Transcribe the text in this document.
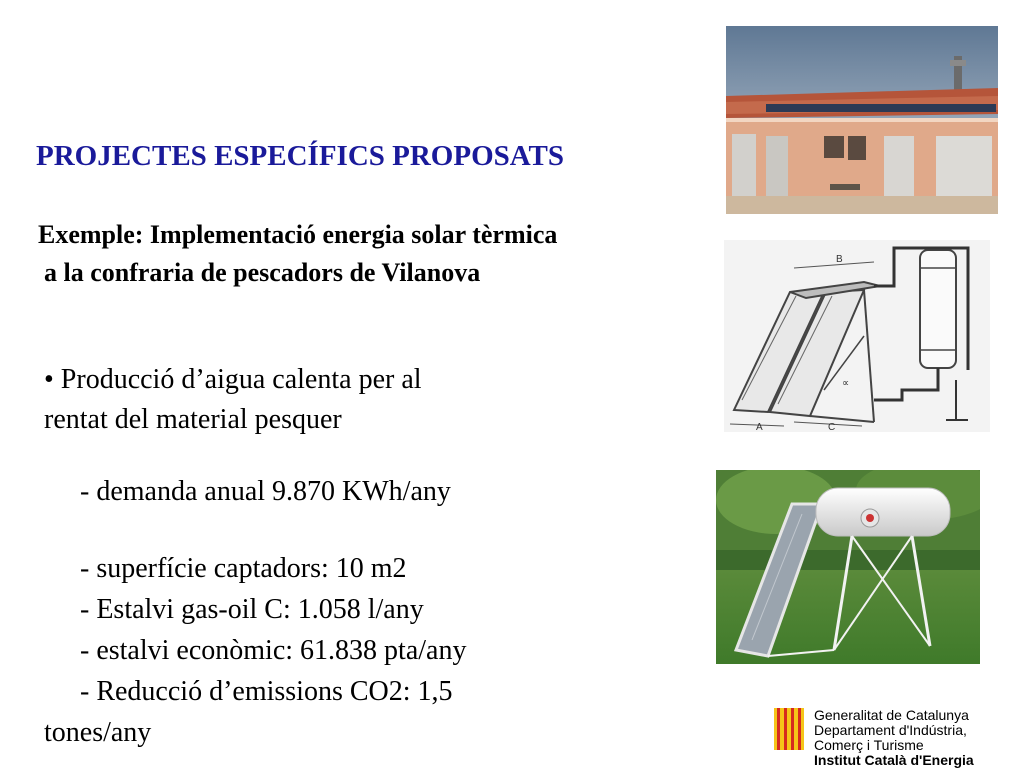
PROJECTES ESPECÍFICS PROPOSATS
Exemple: Implementació energia solar tèrmica
a la confraria de pescadors de Vilanova
• Producció d’aigua calenta per al
rentat del material pesquer
- demanda anual 9.870 KWh/any
- superfície captadors: 10 m2
- Estalvi gas-oil C: 1.058 l/any
- estalvi econòmic: 61.838 pta/any
- Reducció d’emissions CO2: 1,5
tones/any
B
A	C
∝
Generalitat de Catalunya
Departament d'Indústria,
Comerç i Turisme
Institut Català d'Energia
